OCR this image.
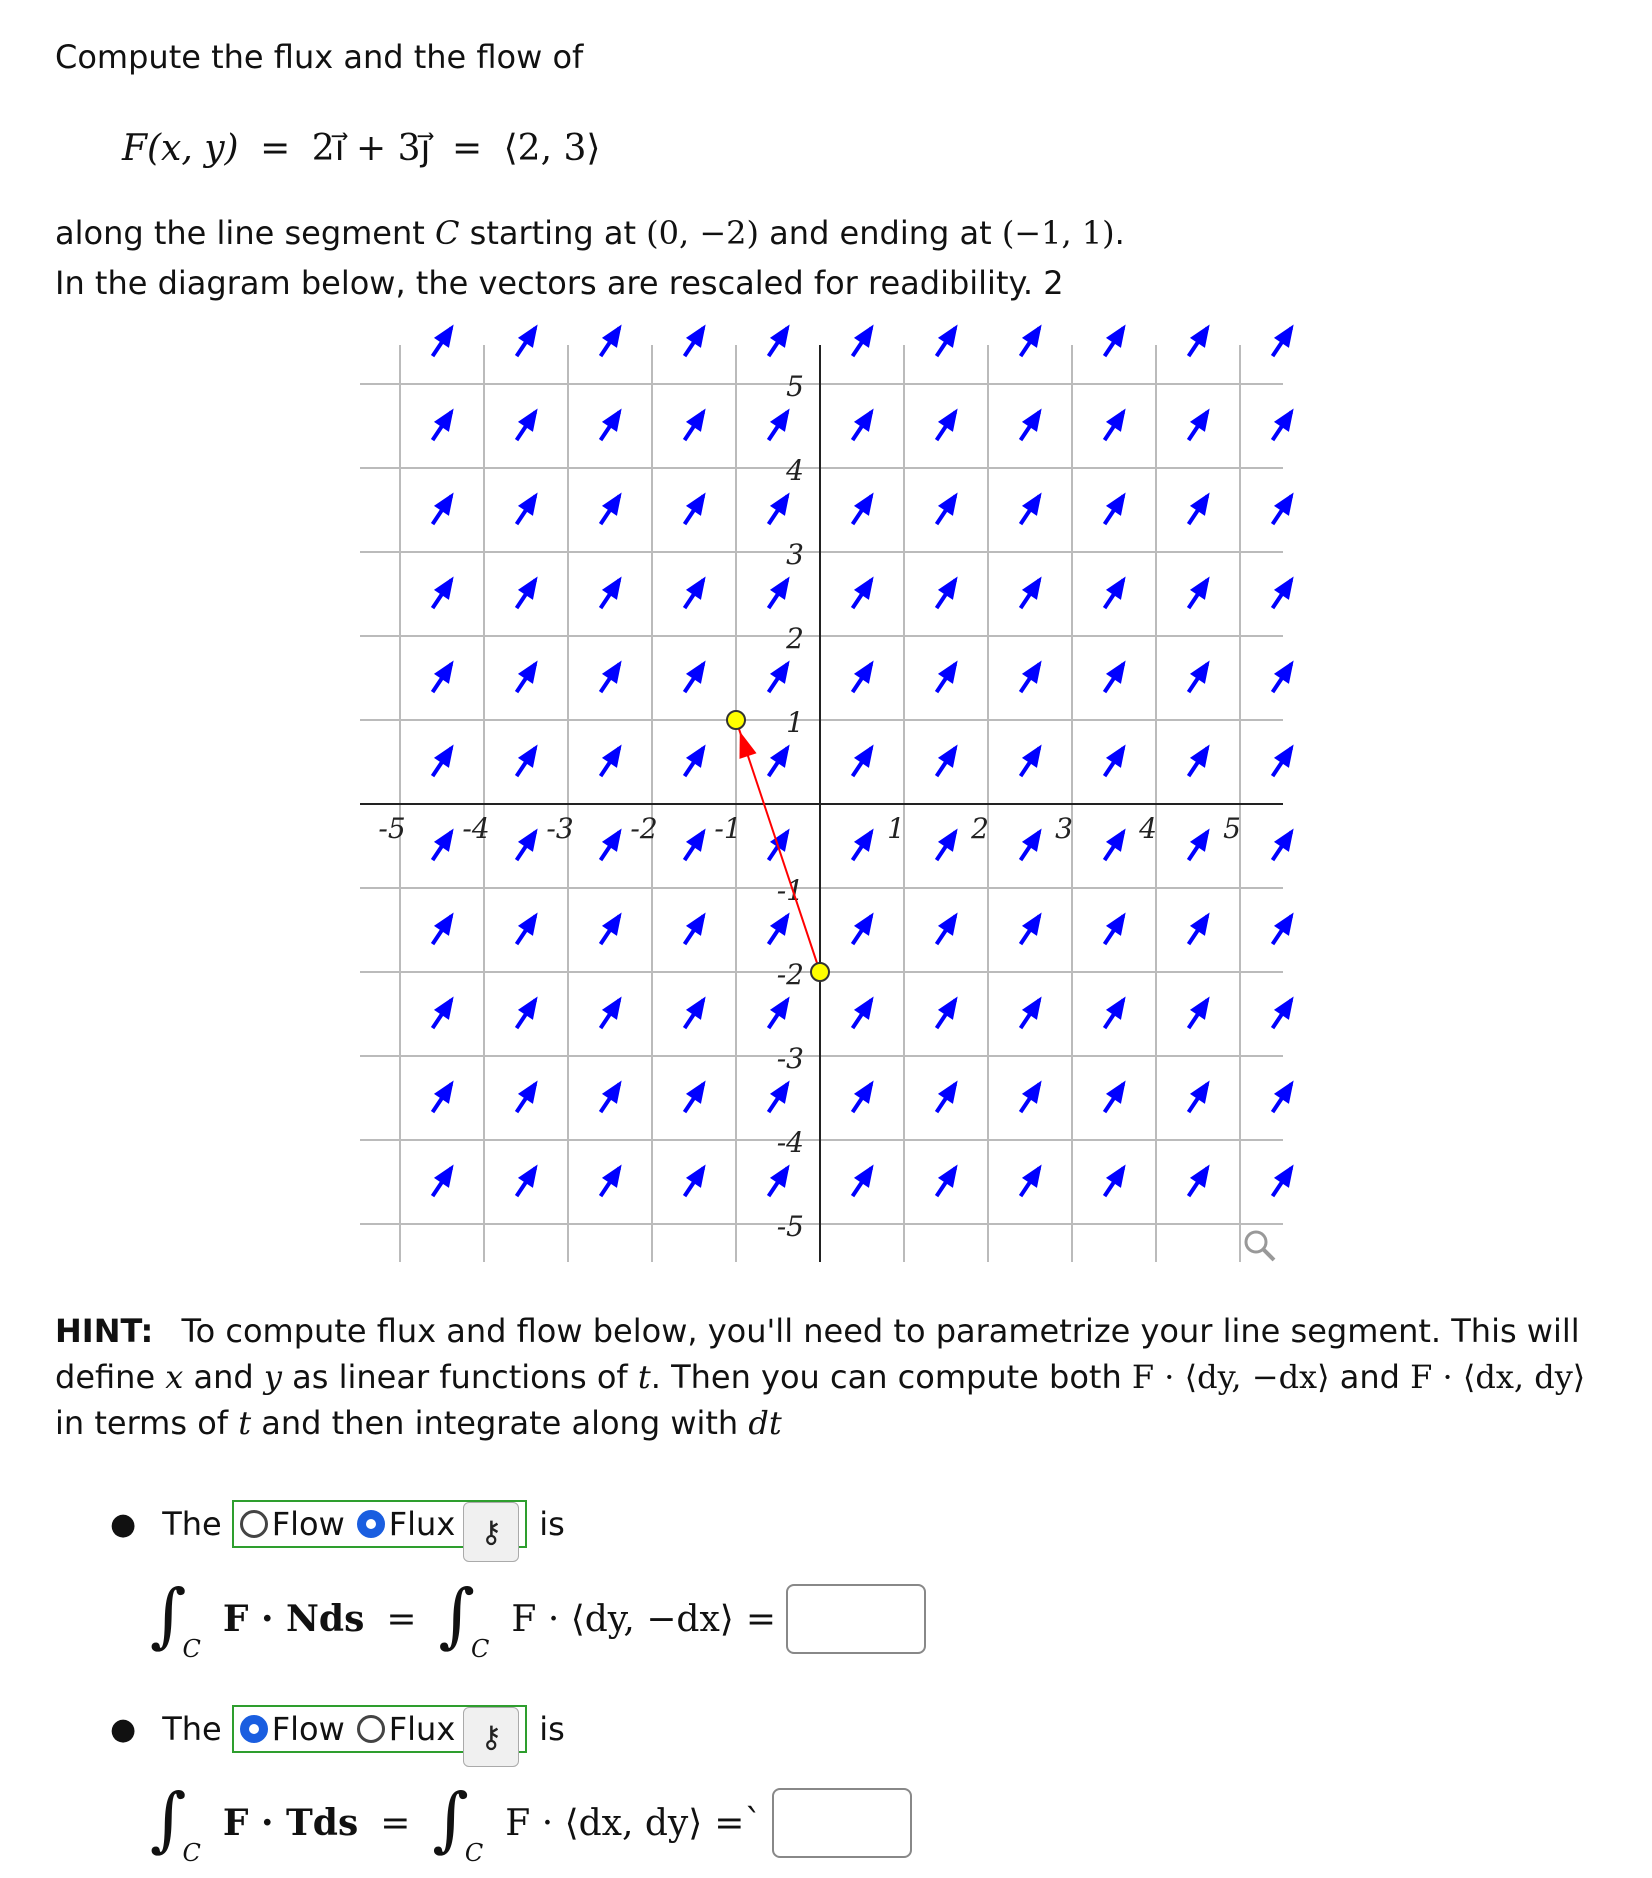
Compute the flux and the flow of
F(x, y) = 2i⃗ + 3j⃗ = ⟨2, 3⟩
along the line segment C starting at (0, −2) and ending at (−1, 1).
In the diagram below, the vectors are rescaled for readibility. 2
-5 -4 -3 -2 -1	1 2 3 4 5
5
4
3
2
1
-1
-2
-3
-4
-5
HINT: To compute flux and flow below, you'll need to parametrize your line segment. This will define x and y as linear functions of t. Then you can compute both F · ⟨dy, −dx⟩ and F · ⟨dx, dy⟩ in terms of t and then integrate along with dt
● The Flow Flux ⚷ is
∫
C
F · Nds = ∫
C
F · ⟨dy, −dx⟩ =
● The Flow Flux ⚷ is
∫
C
F · Tds = ∫
C
F · ⟨dx, dy⟩ =`
